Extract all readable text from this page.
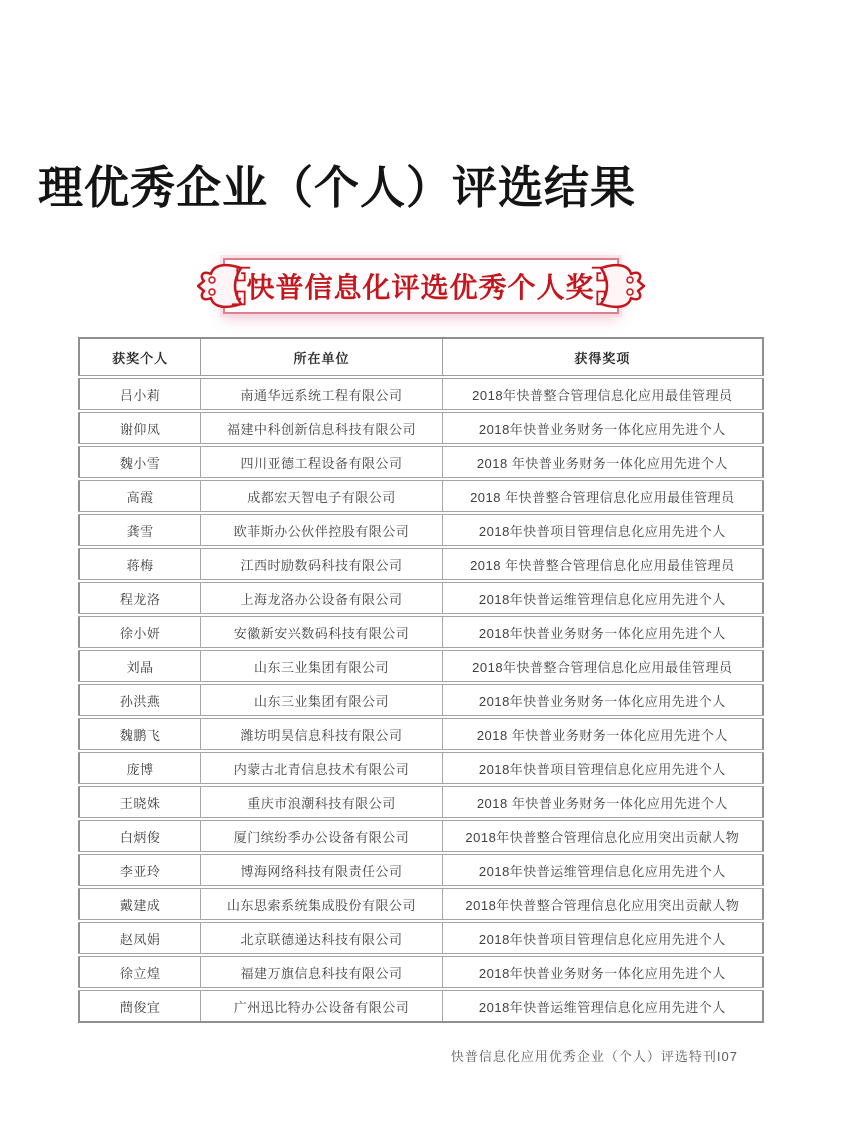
理优秀企业（个人）评选结果
快普信息化评选优秀个人奖
获奖个人	所在单位	获得奖项
吕小莉	南通华远系统工程有限公司	2018年快普整合管理信息化应用最佳管理员
谢仰凤	福建中科创新信息科技有限公司	2018年快普业务财务一体化应用先进个人
魏小雪	四川亚德工程设备有限公司	2018 年快普业务财务一体化应用先进个人
高霞	成都宏天智电子有限公司	2018 年快普整合管理信息化应用最佳管理员
龚雪	欧菲斯办公伙伴控股有限公司	2018年快普项目管理信息化应用先进个人
蒋梅	江西时励数码科技有限公司	2018 年快普整合管理信息化应用最佳管理员
程龙洛	上海龙洛办公设备有限公司	2018年快普运维管理信息化应用先进个人
徐小妍	安徽新安兴数码科技有限公司	2018年快普业务财务一体化应用先进个人
刘晶	山东三业集团有限公司	2018年快普整合管理信息化应用最佳管理员
孙洪燕	山东三业集团有限公司	2018年快普业务财务一体化应用先进个人
魏鹏飞	潍坊明昊信息科技有限公司	2018 年快普业务财务一体化应用先进个人
庞博	内蒙古北青信息技术有限公司	2018年快普项目管理信息化应用先进个人
王晓姝	重庆市浪潮科技有限公司	2018 年快普业务财务一体化应用先进个人
白炳俊	厦门缤纷季办公设备有限公司	2018年快普整合管理信息化应用突出贡献人物
李亚玲	博海网络科技有限责任公司	2018年快普运维管理信息化应用先进个人
戴建成	山东思索系统集成股份有限公司	2018年快普整合管理信息化应用突出贡献人物
赵凤娟	北京联德递达科技有限公司	2018年快普项目管理信息化应用先进个人
徐立煌	福建万旗信息科技有限公司	2018年快普业务财务一体化应用先进个人
蔄俊宜	广州迅比特办公设备有限公司	2018年快普运维管理信息化应用先进个人
快普信息化应用优秀企业（个人）评选特刊I07
